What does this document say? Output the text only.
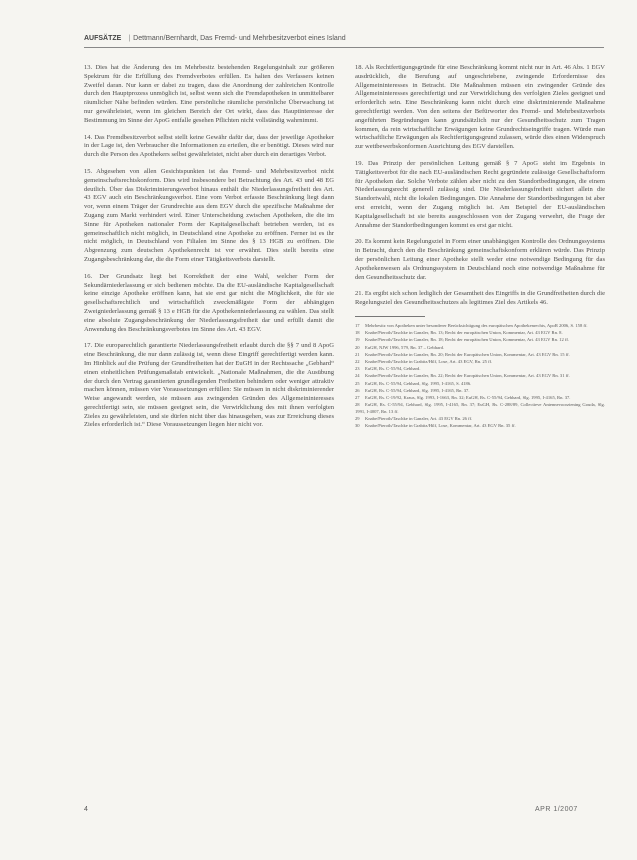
AUFSÄTZE | Dettmann/Bernhardt, Das Fremd- und Mehrbesitzverbot eines Island

13. Dies hat die Änderung des im Mehrbesitz bestehenden Regelungsinhalt zur größeren Spektrum für die Erfüllung des Fremdverbotes erfüllen. Es halten des Verfassers keinen Zweifel daran. Nur kann er dabei zu tragen, dass die Anordnung der zahlreichen Kontrolle durch den Hauptprozess unmöglich ist, selbst wenn sich die Fremdapotheken in unmittelbarer räumlicher Nähe befinden würden. Eine persönliche räumliche persönliche Überwachung ist nur gewährleistet, wenn im gleichen Bereich der Ort wirkt, dass das Hauptinteresse der Bestimmung im Sinne der ApoG entfalle gesehen Pflichten nicht vollständig wahrnimmt.

14. Das Fremdbesitzverbot selbst stellt keine Gewähr dafür dar, dass der jeweilige Apotheker in der Lage ist, den Verbraucher die Informationen zu erteilen, die er benötigt. Dieses wird nur durch die Person des Apothekers selbst gewährleistet, nicht aber durch ein derartiges Verbot.

15. Abgesehen von allen Gesichtspunkten ist das Fremd- und Mehrbesitzverbot nicht gemeinschaftsrechtskonform. Dies wird insbesondere bei Betrachtung des Art. 43 und 48 EG deutlich. Über das Diskriminierungsverbot hinaus enthält die Niederlassungsfreiheit des Art. 43 EGV auch ein Beschränkungsverbot. Eine vom Verbot erfasste Beschränkung liegt dann vor, wenn einem Träger der Grundrechte aus dem EGV durch die spezifische Maßnahme der Zugang zum Markt verhindert wird. Einer Unterscheidung zwischen Apotheken, die die im Sinne für Apotheken nationaler Form der Kapitalgesellschaft betrieben werden, ist es gemeinschaftlich nicht möglich, in Deutschland eine Apotheke zu eröffnen. Ferner ist es ihr nicht möglich, in Deutschland von Filialen im Sinne des § 13 HGB zu eröffnen. Die Abgrenzung zum deutschen Apothekenrecht ist vor erwähnt. Dies stellt bereits eine Zugangsbeschränkung dar, die die Form einer Tätigkeitsverbots darstellt.

16. Der Grundsatz liegt bei Korrektheit der eine Wahl, welcher Form der Sekundärniederlassung er sich bedienen möchte. Da die EU-ausländische Kapitalgesellschaft keine einzige Apotheke eröffnen kann, hat sie erst gar nicht die Möglichkeit, die für sie gesellschaftsrechtlich und wirtschaftlich zweckmäßigste Form der abhängigen Zweigniederlassung gemäß § 13 e HGB für die Apothekenniederlassung zu wählen. Das stellt eine absolute Zugangsbeschränkung der Niederlassungsfreiheit dar und erfüllt damit die Anwendung des Beschränkungsverbotes im Sinne des Art. 43 EGV.

17. Die europarechtlich garantierte Niederlassungsfreiheit erlaubt durch die §§ 7 und 8 ApoG eine Beschränkung, die nur dann zulässig ist, wenn diese Eingriff gerechtfertigt werden kann. Im Hinblick auf die Prüfung der Grundfreiheiten hat der EuGH in der Rechtssache „Gebhard“ einen einheitlichen Prüfungsmaßstab entwickelt. „Nationale Maßnahmen, die die Ausübung der durch den Vertrag garantierten grundlegenden Freiheiten behindern oder weniger attraktiv machen können, müssen vier Voraussetzungen erfüllen: Sie müssen in nicht diskriminierender Weise angewandt werden, sie müssen aus zwingenden Gründen des Allgemeininteresses gerechtfertigt sein, sie müssen geeignet sein, die Verwirklichung des mit ihnen verfolgten Zieles zu gewährleisten, und sie dürfen nicht über das hinausgehen, was zur Erreichung dieses Zieles erforderlich ist.“ Diese Voraussetzungen liegen hier nicht vor.

18. Als Rechtfertigungsgründe für eine Beschränkung kommt nicht nur in Art. 46 Abs. 1 EGV ausdrücklich, die Berufung auf ungeschriebene, zwingende Erfordernisse des Allgemeininteresses in Betracht. Die Maßnahmen müssen ein zwingender Gründe des Allgemeininteresses gerechtfertigt und zur Verwirklichung des verfolgten Zieles geeignet und erforderlich sein. Eine Beschränkung kann nicht durch eine diskriminierende Maßnahme gerechtfertigt werden. Von den seitens der Befürworter des Fremd- und Mehrbesitzverbots angeführten Begründungen kann grundsätzlich nur der Gesundheitsschutz zum Tragen kommen, da rein wirtschaftliche Erwägungen keine Grundrechtseingriffe tragen. Würde man wirtschaftliche Erwägungen als Rechtfertigungsgrund zulassen, würde dies einen Widerspruch zur wettbewerbskonformen Ausrichtung des EGV darstellen.

19. Das Prinzip der persönlichen Leitung gemäß § 7 ApoG steht im Ergebnis in Tätigkeitsverbot für die nach EU-ausländischen Recht gegründete zulässige Gesellschaftsform für Apotheken dar. Solche Verbote zählen aber nicht zu den Standortbedingungen, die einem Niederlassungsrecht generell zulässig sind. Die Niederlassungsfreiheit sichert allein die Standortwahl, nicht die lokalen Bedingungen. Die Annahme der Standortbedingungen ist aber erst erreicht, wenn der Zugang möglich ist. Am Beispiel der EU-ausländischen Kapitalgesellschaft ist sie bereits ausgeschlossen von der Zugang verwehrt, die Frage der Annahme der Standortbedingungen kommt es erst gar nicht.

20. Es kommt kein Regelungsziel in Form einer unabhängigen Kontrolle des Ordnungssystems in Betracht, durch den die Beschränkung gemeinschaftskonform erklären würde. Das Prinzip der persönlichen Leitung einer Apotheke stellt weder eine notwendige Bedingung für das Apothekenwesen als Ordnungssystem in Deutschland noch eine notwendige Maßnahme für den Gesundheitsschutz dar.

21. Es ergibt sich schon lediglich der Gesamtheit des Eingriffs in die Grundfreiheiten durch die Regelungsziel des Gesundheitsschutzes als legitimes Ziel des Artikels 46.

17 Mehrbesitz von Apotheken unter besonderer Berücksichtigung des europäischen Apothekenrechts, ApoR 2006, S. 158 ff.
18 Knabe/Pieroth/Taschke in Ganzler, Rn. 13; Recht der europäischen Union, Kommentar, Art. 43 EGV Rn. 8.
19 Knabe/Pieroth/Taschke in Ganzler, Rn. 18; Recht der europäischen Union, Kommentar, Art. 43 EGV Rn. 12 ff.
20 EuGH, NJW 1996, 579, Rn. 37 – Gebhard.
21 Knabe/Pieroth/Taschke in Ganzler, Rn. 20; Recht der Europäischen Union, Kommentar, Art. 43 EGV Rn. 15 ff.
22 Knabe/Pieroth/Taschke in Grabitz/Hilf, Lose, Art. 43 EGV, Rn. 25 ff.
23 EuGH, Rs. C-55/94, Gebhard.
24 Knabe/Pieroth/Taschke in Ganzler, Rn. 22; Recht der Europäischen Union, Kommentar, Art. 43 EGV Rn. 31 ff.
25 EuGH, Rs. C-55/94, Gebhard, Slg. 1995, I-4165, S. 4186.
26 EuGH, Rs. C-55/94, Gebhard, Slg. 1995, I-4165, Rn. 37.
27 EuGH, Rs. C-19/92, Kraus, Slg. 1993, I-1663, Rn. 32; EuGH, Rs. C-55/94, Gebhard, Slg. 1995, I-4165, Rn. 37.
28 EuGH, Rs. C-55/94, Gebhard, Slg. 1995, I-4165, Rn. 37; EuGH, Rs. C-288/89, Collectieve Antennevoorziening Gouda, Slg. 1991, I-4007, Rn. 13 ff.
29 Knabe/Pieroth/Taschke in Ganzler, Art. 43 EGV Rn. 26 ff.
30 Knabe/Pieroth/Taschke in Grabitz/Hilf, Lose, Kommentar, Art. 43 EGV Rn. 35 ff.
4	APR 1/2007
